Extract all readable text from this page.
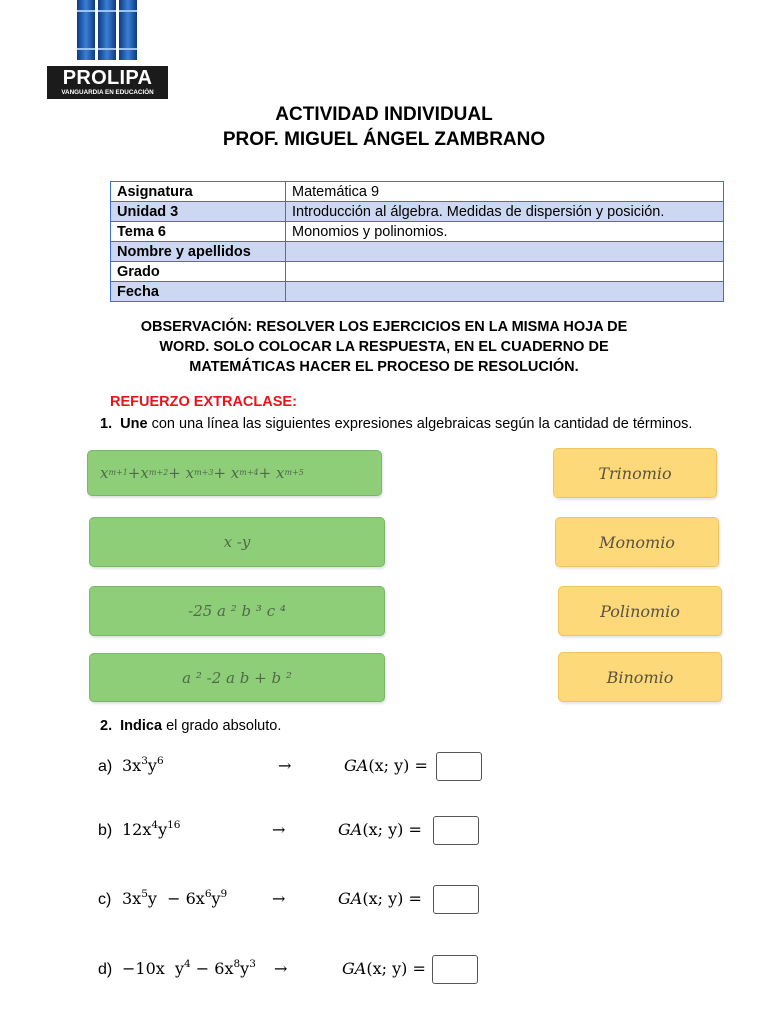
PROLIPA
VANGUARDIA EN EDUCACIÓN
ACTIVIDAD INDIVIDUAL
PROF. MIGUEL ÁNGEL ZAMBRANO
Asignatura	Matemática 9
Unidad 3	Introducción al álgebra. Medidas de dispersión y posición.
Tema 6	Monomios y polinomios.
Nombre y apellidos	
Grado	
Fecha	
OBSERVACIÓN: RESOLVER LOS EJERCICIOS EN LA MISMA HOJA DE
WORD. SOLO COLOCAR LA RESPUESTA, EN EL CUADERNO DE
MATEMÁTICAS HACER EL PROCESO DE RESOLUCIÓN.
REFUERZO EXTRACLASE:
1. Une con una línea las siguientes expresiones algebraicas según la cantidad de términos.
x m+1 +x m+2 + x m+3 + x m+4 + x m+5
x -y
-25 a ² b ³ c ⁴
a ² -2 a b + b ²
Trinomio
Monomio
Polinomio
Binomio
2. Indica el grado absoluto.
a) $3x^3y^6$	→	GA(x; y) =
b) $12x^4y^{16}$	→	GA(x; y) =
c) $3x^5y - 6x^6y^9$	→	GA(x; y) =
d) −10x  $y^4 - 6x^8y^3$ →	GA(x; y) =
